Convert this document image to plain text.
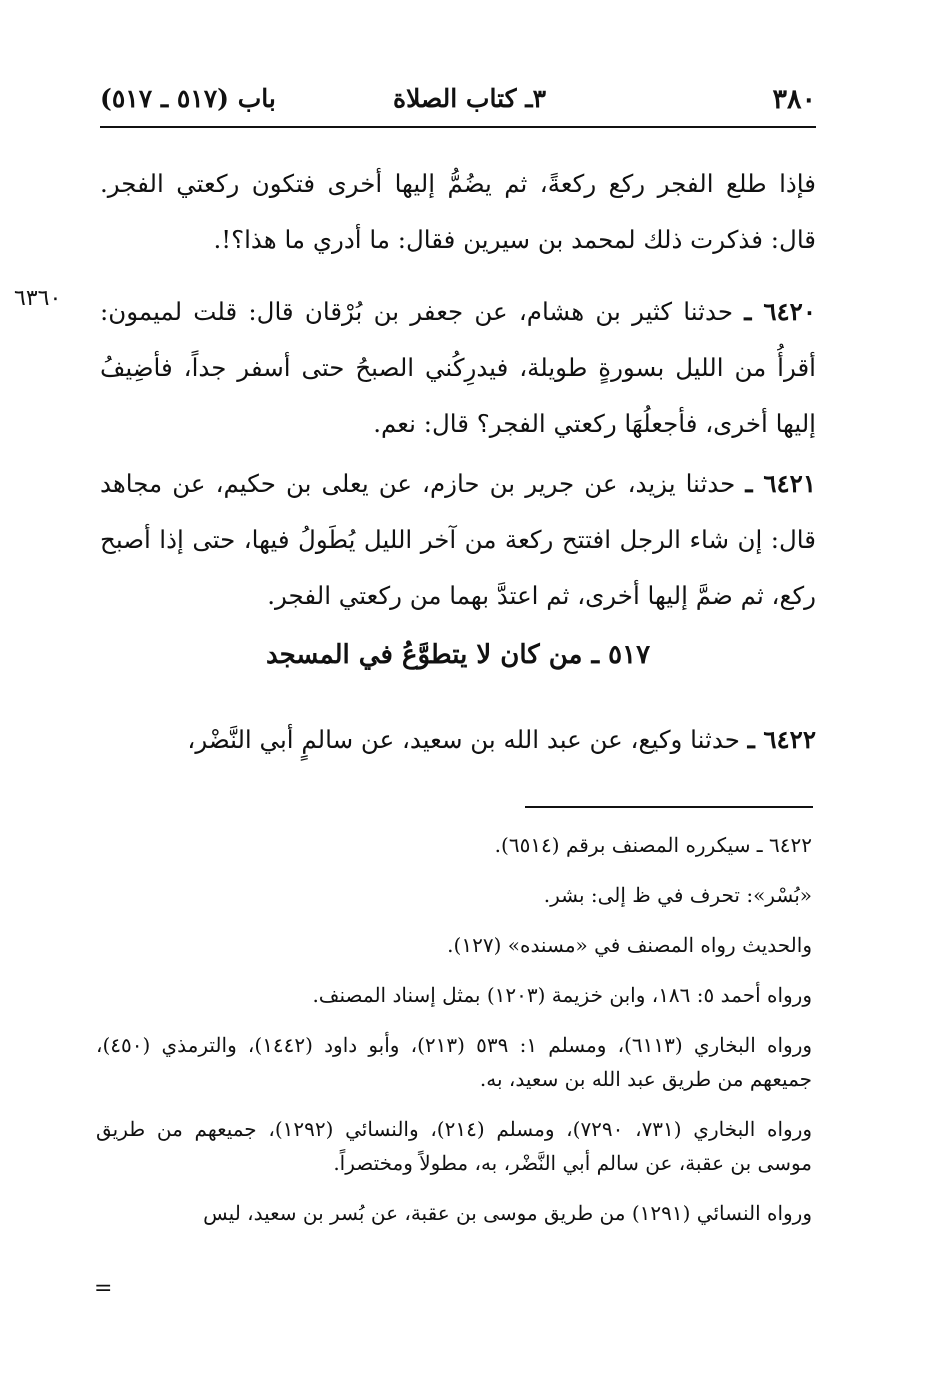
٣٨٠
٣ـ كتاب الصلاة
باب (٥١٧ ـ ٥١٧)
فإذا طلع الفجر ركع ركعةً، ثم يضُمُّ إليها أخرى فتكون ركعتي الفجر. قال: فذكرت ذلك لمحمد بن سيرين فقال: ما أدري ما هذا؟!.
٦٣٦٠	٦٤٢٠ ـ حدثنا كثير بن هشام، عن جعفر بن بُرْقان قال: قلت لميمون: أقرأُ من الليل بسورةٍ طويلة، فيدرِكُني الصبحُ حتى أسفر جداً، فأضِيفُ إليها أخرى، فأجعلُهَا ركعتي الفجر؟ قال: نعم.
٦٤٢١ ـ حدثنا يزيد، عن جرير بن حازم، عن يعلى بن حكيم، عن مجاهد قال: إن شاء الرجل افتتح ركعة من آخر الليل يُطَولُ فيها، حتى إذا أصبح ركع، ثم ضمَّ إليها أخرى، ثم اعتدَّ بهما من ركعتي الفجر.
٥١٧ ـ من كان لا يتطوَّعُ في المسجد
٦٤٢٢ ـ حدثنا وكيع، عن عبد الله بن سعيد، عن سالمٍ أبي النَّضْر،
٦٤٢٢ ـ سيكرره المصنف برقم (٦٥١٤).
«بُسْر»: تحرف في ظ إلى: بشر.
والحديث رواه المصنف في «مسنده» (١٢٧).
ورواه أحمد ٥: ١٨٦، وابن خزيمة (١٢٠٣) بمثل إسناد المصنف.
ورواه البخاري (٦١١٣)، ومسلم ١: ٥٣٩ (٢١٣)، وأبو داود (١٤٤٢)، والترمذي (٤٥٠)، جميعهم من طريق عبد الله بن سعيد، به.
ورواه البخاري (٧٣١، ٧٢٩٠)، ومسلم (٢١٤)، والنسائي (١٢٩٢)، جميعهم من طريق موسى بن عقبة، عن سالم أبي النَّضْر، به، مطولاً ومختصراً.
ورواه النسائي (١٢٩١) من طريق موسى بن عقبة، عن بُسر بن سعيد، ليس
=
